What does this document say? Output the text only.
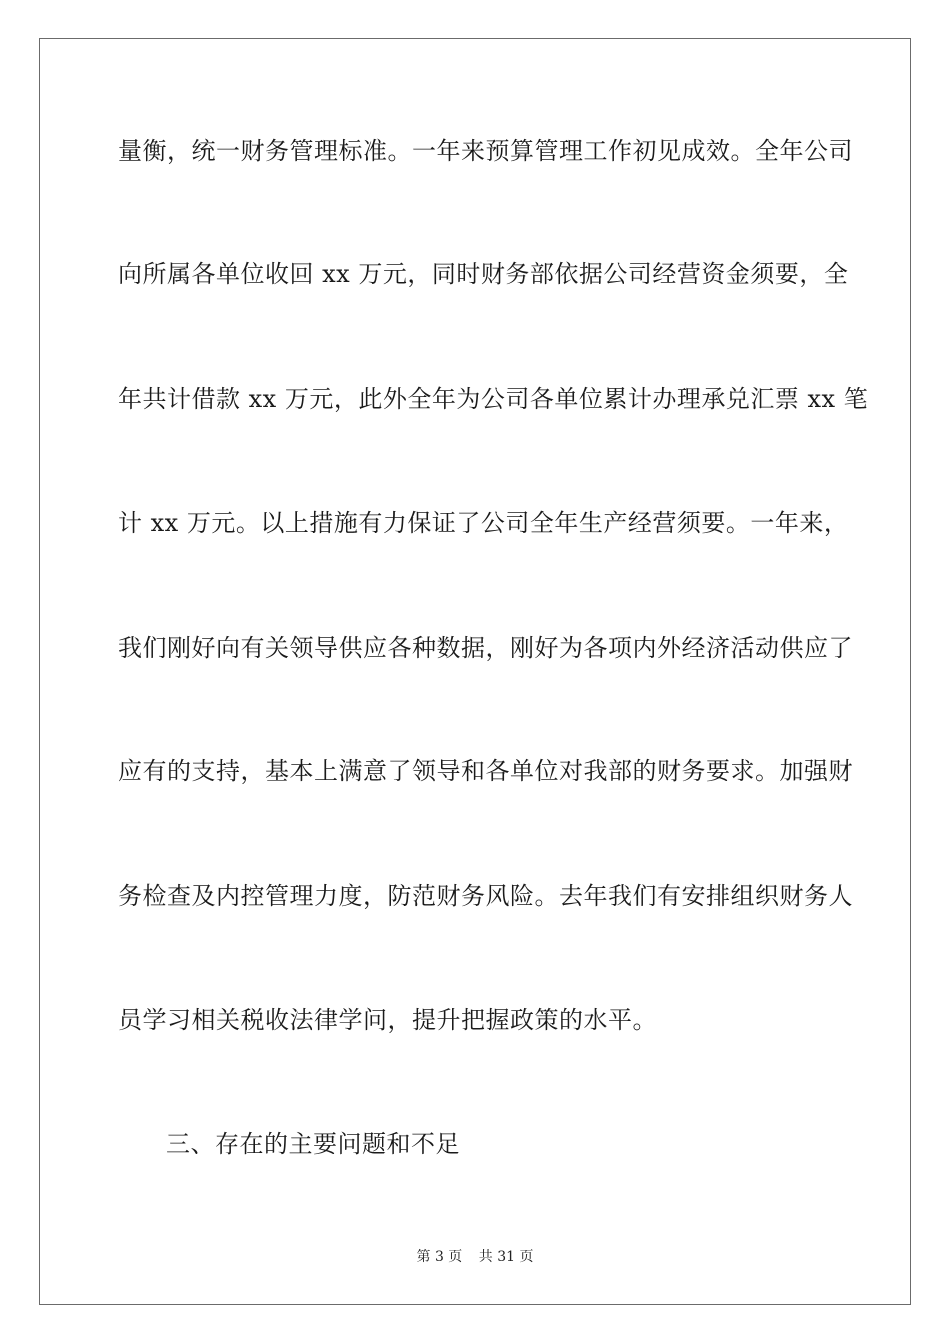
量衡，统一财务管理标准。一年来预算管理工作初见成效。全年公司
向所属各单位收回 xx 万元，同时财务部依据公司经营资金须要，全
年共计借款 xx 万元，此外全年为公司各单位累计办理承兑汇票 xx 笔
计 xx 万元。以上措施有力保证了公司全年生产经营须要。一年来，
我们刚好向有关领导供应各种数据，刚好为各项内外经济活动供应了
应有的支持，基本上满意了领导和各单位对我部的财务要求。加强财
务检查及内控管理力度，防范财务风险。去年我们有安排组织财务人
员学习相关税收法律学问，提升把握政策的水平。
三、存在的主要问题和不足
第 3 页 共 31 页
